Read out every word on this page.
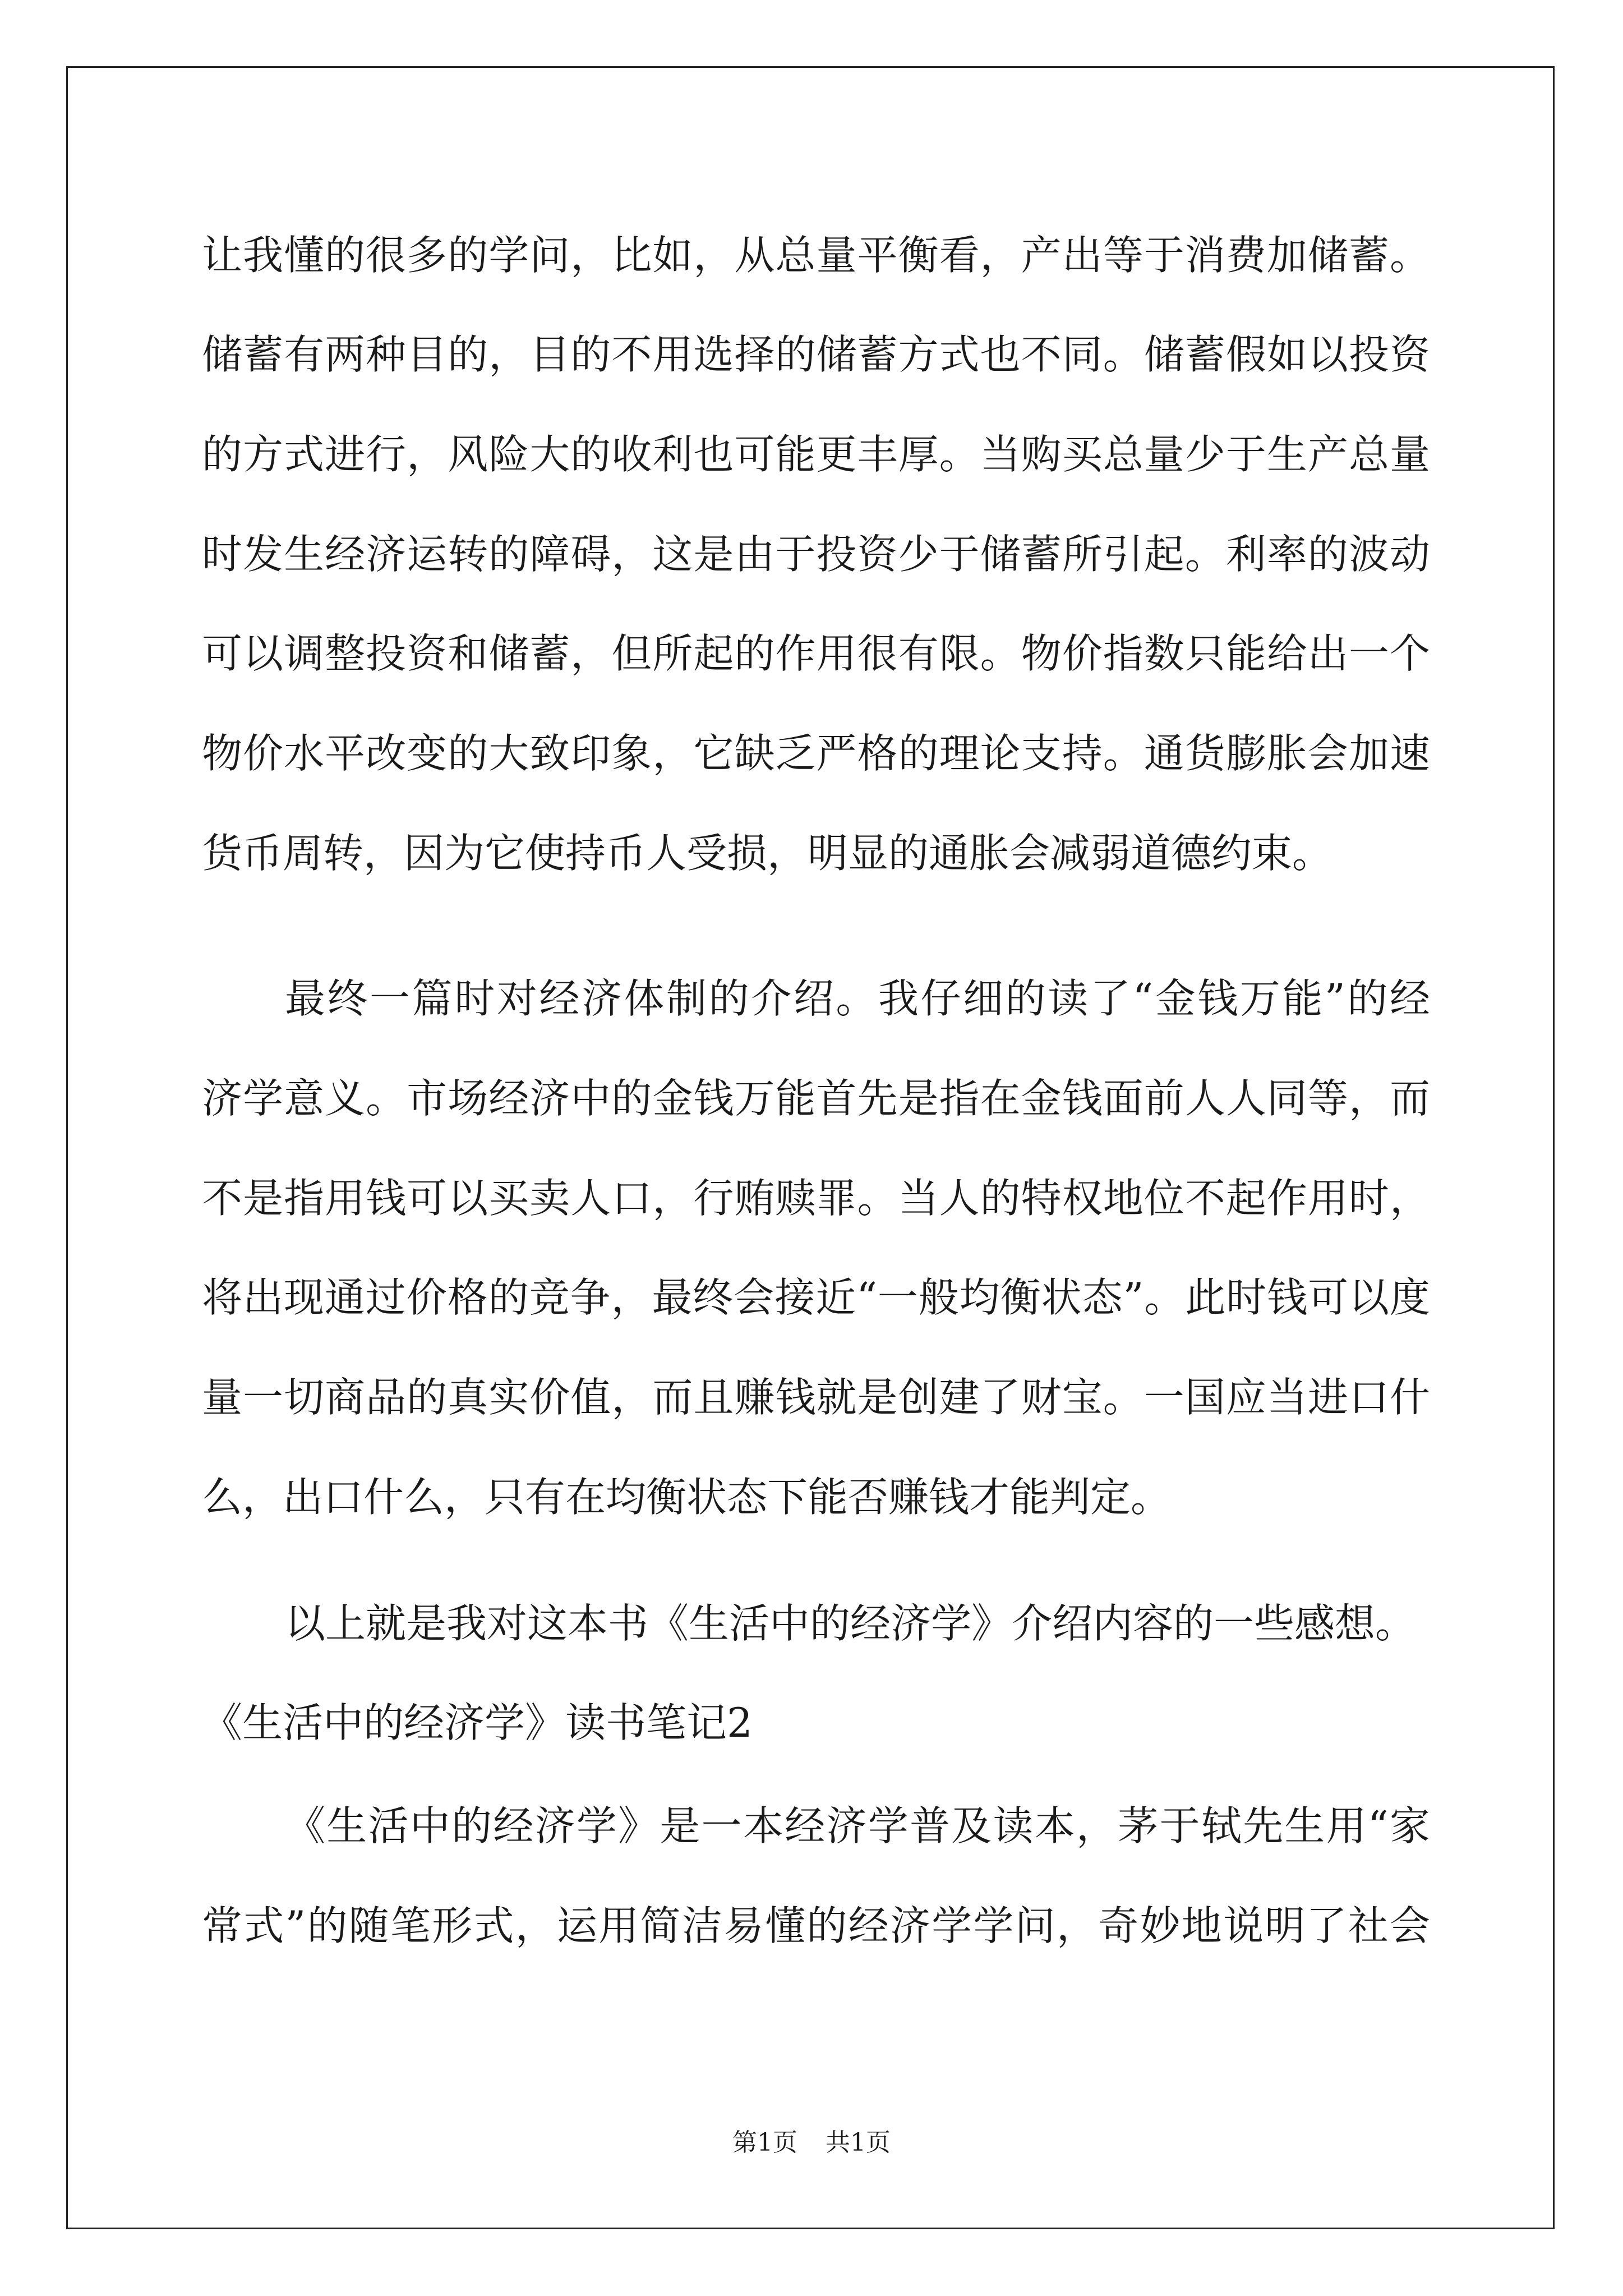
让我懂的很多的学问，比如，从总量平衡看，产出等于消费加储蓄。
储蓄有两种目的，目的不用选择的储蓄方式也不同。储蓄假如以投资
的方式进行，风险大的收利也可能更丰厚。当购买总量少于生产总量
时发生经济运转的障碍，这是由于投资少于储蓄所引起。利率的波动
可以调整投资和储蓄，但所起的作用很有限。物价指数只能给出一个
物价水平改变的大致印象，它缺乏严格的理论支持。通货膨胀会加速
货币周转，因为它使持币人受损，明显的通胀会减弱道德约束。
最终一篇时对经济体制的介绍。我仔细的读了“金钱万能”的经
济学意义。市场经济中的金钱万能首先是指在金钱面前人人同等，而
不是指用钱可以买卖人口，行贿赎罪。当人的特权地位不起作用时，
将出现通过价格的竞争，最终会接近“一般均衡状态”。此时钱可以度
量一切商品的真实价值，而且赚钱就是创建了财宝。一国应当进口什
么，出口什么，只有在均衡状态下能否赚钱才能判定。
以上就是我对这本书《生活中的经济学》介绍内容的一些感想。
《生活中的经济学》读书笔记2
《生活中的经济学》是一本经济学普及读本，茅于轼先生用“家
常式”的随笔形式，运用简洁易懂的经济学学问，奇妙地说明了社会
第1页 共1页
